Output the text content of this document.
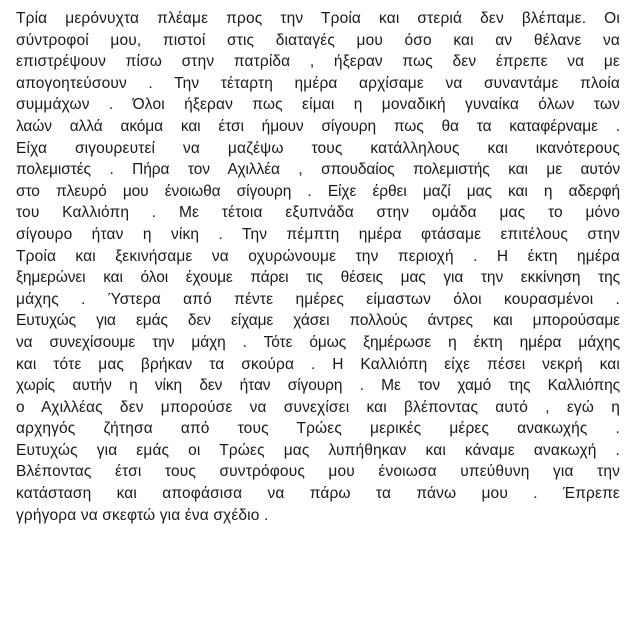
Τρία μερόνυχτα πλέαμε προς την Τροία και στεριά δεν βλέπαμε. Οι
σύντροφοί μου, πιστοί στις διαταγές μου όσο και αν θέλανε να
επιστρέψουν πίσω στην πατρίδα , ήξεραν πως δεν έπρεπε να με
απογοητεύσουν . Την τέταρτη ημέρα αρχίσαμε να συναντάμε πλοία
συμμάχων . Όλοι ήξεραν πως είμαι η μοναδική γυναίκα όλων των
λαών αλλά ακόμα και έτσι ήμουν σίγουρη πως θα τα καταφέρναμε .
Είχα σιγουρευτεί να μαζέψω τους κατάλληλους και ικανότερους
πολεμιστές . Πήρα τον Αχιλλέα , σπουδαίος πολεμιστής και με αυτόν
στο πλευρό μου ένοιωθα σίγουρη . Είχε έρθει μαζί μας και η αδερφή
του Καλλιόπη . Με τέτοια εξυπνάδα στην ομάδα μας το μόνο
σίγουρο ήταν η νίκη . Την πέμπτη ημέρα φτάσαμε επιτέλους στην
Τροία και ξεκινήσαμε να οχυρώνουμε την περιοχή . Η έκτη ημέρα
ξημερώνει και όλοι έχουμε πάρει τις θέσεις μας για την εκκίνηση της
μάχης . Ύστερα από πέντε ημέρες είμαστων όλοι κουρασμένοι .
Ευτυχώς για εμάς δεν είχαμε χάσει πολλούς άντρες και μπορούσαμε
να συνεχίσουμε την μάχη . Τότε όμως ξημέρωσε η έκτη ημέρα μάχης
και τότε μας βρήκαν τα σκούρα . Η Καλλιόπη είχε πέσει νεκρή και
χωρίς αυτήν η νίκη δεν ήταν σίγουρη . Με τον χαμό της Καλλιόπης
ο Αχιλλέας δεν μπορούσε να συνεχίσει και βλέποντας αυτό , εγώ η
αρχηγός ζήτησα από τους Τρώες μερικές μέρες ανακωχής .
Ευτυχώς για εμάς οι Τρώες μας λυπήθηκαν και κάναμε ανακωχή .
Βλέποντας έτσι τους συντρόφους μου ένοιωσα υπεύθυνη για την
κατάσταση και αποφάσισα να πάρω τα πάνω μου . Έπρεπε
γρήγορα να σκεφτώ για ένα σχέδιο .
